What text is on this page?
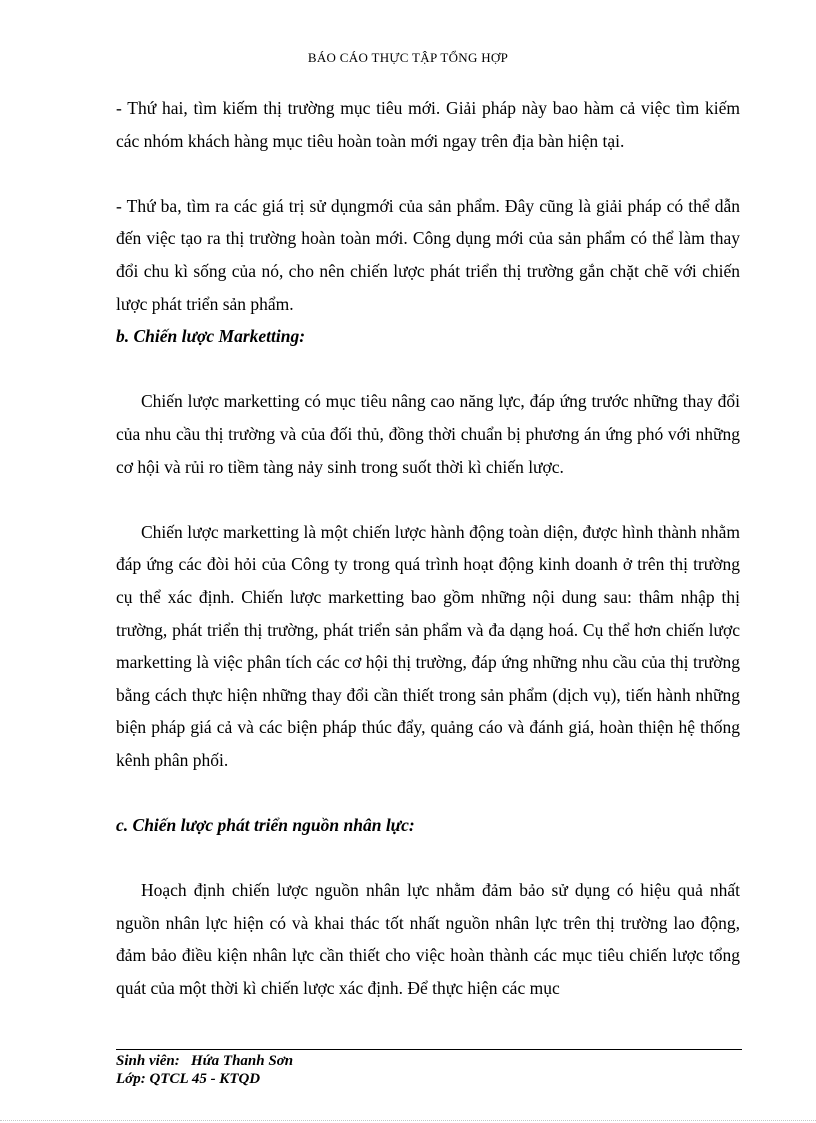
BÁO CÁO THỰC TẬP TỔNG HỢP

- Thứ hai, tìm kiếm thị trường mục tiêu mới. Giải pháp này bao hàm cả việc tìm kiếm các nhóm khách hàng mục tiêu hoàn toàn mới ngay trên địa bàn hiện tại.

- Thứ ba, tìm ra các giá trị sử dụngmới của sản phẩm. Đây cũng là giải pháp có thể dẫn đến việc tạo ra thị trường hoàn toàn mới. Công dụng mới của sản phẩm có thể làm thay đổi chu kì sống của nó, cho nên chiến lược phát triển thị trường gắn chặt chẽ với chiến lược phát triển sản phẩm.

b. Chiến lược Marketting:

Chiến lược marketting có mục tiêu nâng cao năng lực, đáp ứng trước những thay đổi của nhu cầu thị trường và của đối thủ, đồng thời chuẩn bị phương án ứng phó với những cơ hội và rủi ro tiềm tàng nảy sinh trong suốt thời kì chiến lược.

Chiến lược marketting là một chiến lược hành động toàn diện, được hình thành nhằm đáp ứng các đòi hỏi của Công ty trong quá trình hoạt động kinh doanh ở trên thị trường cụ thể xác định. Chiến lược marketting bao gồm những nội dung sau: thâm nhập thị trường, phát triển thị trường, phát triển sản phẩm và đa dạng hoá. Cụ thể hơn chiến lược marketting là việc phân tích các cơ hội thị trường, đáp ứng những nhu cầu của thị trường bằng cách thực hiện những thay đổi cần thiết trong sản phẩm (dịch vụ), tiến hành những biện pháp giá cả và các biện pháp thúc đẩy, quảng cáo và đánh giá, hoàn thiện hệ thống kênh phân phối.

c. Chiến lược phát triển nguồn nhân lực:

Hoạch định chiến lược nguồn nhân lực nhằm đảm bảo sử dụng có hiệu quả nhất nguồn nhân lực hiện có và khai thác tốt nhất nguồn nhân lực trên thị trường lao động, đảm bảo điều kiện nhân lực cần thiết cho việc hoàn thành các mục tiêu chiến lược tổng quát của một thời kì chiến lược xác định. Để thực hiện các mục

Sinh viên:   Hứa Thanh Sơn
Lớp: QTCL 45 - KTQD
